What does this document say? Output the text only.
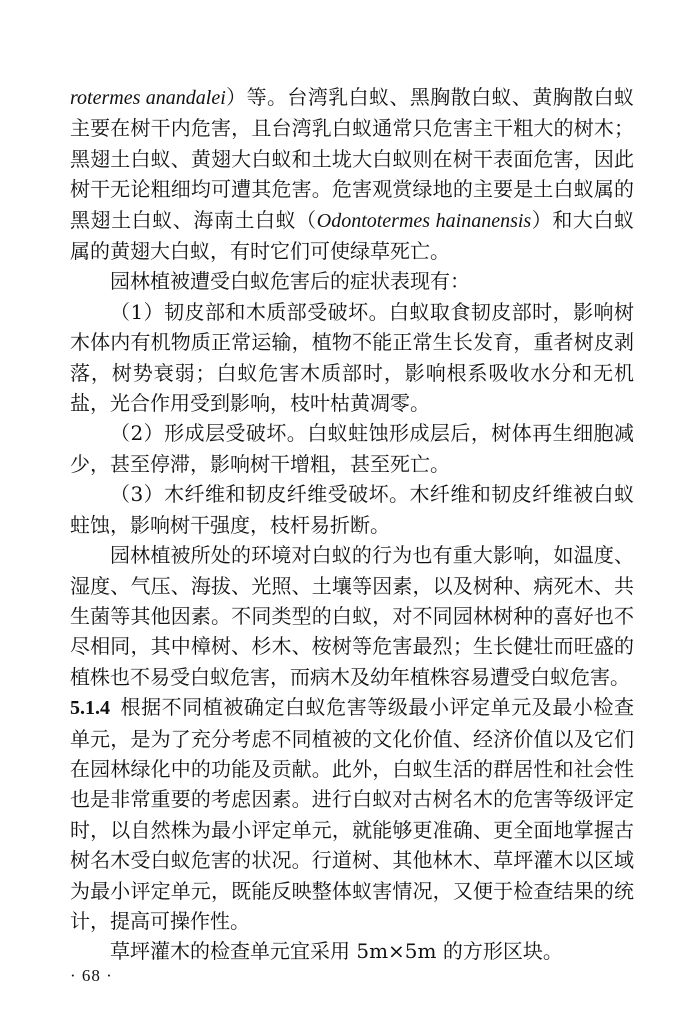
rotermes anandalei）等。台湾乳白蚁、黑胸散白蚁、黄胸散白蚁主要在树干内危害，且台湾乳白蚁通常只危害主干粗大的树木；黑翅土白蚁、黄翅大白蚁和土垅大白蚁则在树干表面危害，因此树干无论粗细均可遭其危害。危害观赏绿地的主要是土白蚁属的黑翅土白蚁、海南土白蚁（Odontotermes hainanensis）和大白蚁属的黄翅大白蚁，有时它们可使绿草死亡。

园林植被遭受白蚁危害后的症状表现有：

（1）韧皮部和木质部受破坏。白蚁取食韧皮部时，影响树木体内有机物质正常运输，植物不能正常生长发育，重者树皮剥落，树势衰弱；白蚁危害木质部时，影响根系吸收水分和无机盐，光合作用受到影响，枝叶枯黄凋零。

（2）形成层受破坏。白蚁蛀蚀形成层后，树体再生细胞减少，甚至停滞，影响树干增粗，甚至死亡。

（3）木纤维和韧皮纤维受破坏。木纤维和韧皮纤维被白蚁蛀蚀，影响树干强度，枝杆易折断。

园林植被所处的环境对白蚁的行为也有重大影响，如温度、湿度、气压、海拔、光照、土壤等因素，以及树种、病死木、共生菌等其他因素。不同类型的白蚁，对不同园林树种的喜好也不尽相同，其中樟树、杉木、桉树等危害最烈；生长健壮而旺盛的植株也不易受白蚁危害，而病木及幼年植株容易遭受白蚁危害。

5.1.4 根据不同植被确定白蚁危害等级最小评定单元及最小检查单元，是为了充分考虑不同植被的文化价值、经济价值以及它们在园林绿化中的功能及贡献。此外，白蚁生活的群居性和社会性也是非常重要的考虑因素。进行白蚁对古树名木的危害等级评定时，以自然株为最小评定单元，就能够更准确、更全面地掌握古树名木受白蚁危害的状况。行道树、其他林木、草坪灌木以区域为最小评定单元，既能反映整体蚁害情况，又便于检查结果的统计，提高可操作性。

草坪灌木的检查单元宜采用 5m×5m 的方形区块。

· 68 ·
